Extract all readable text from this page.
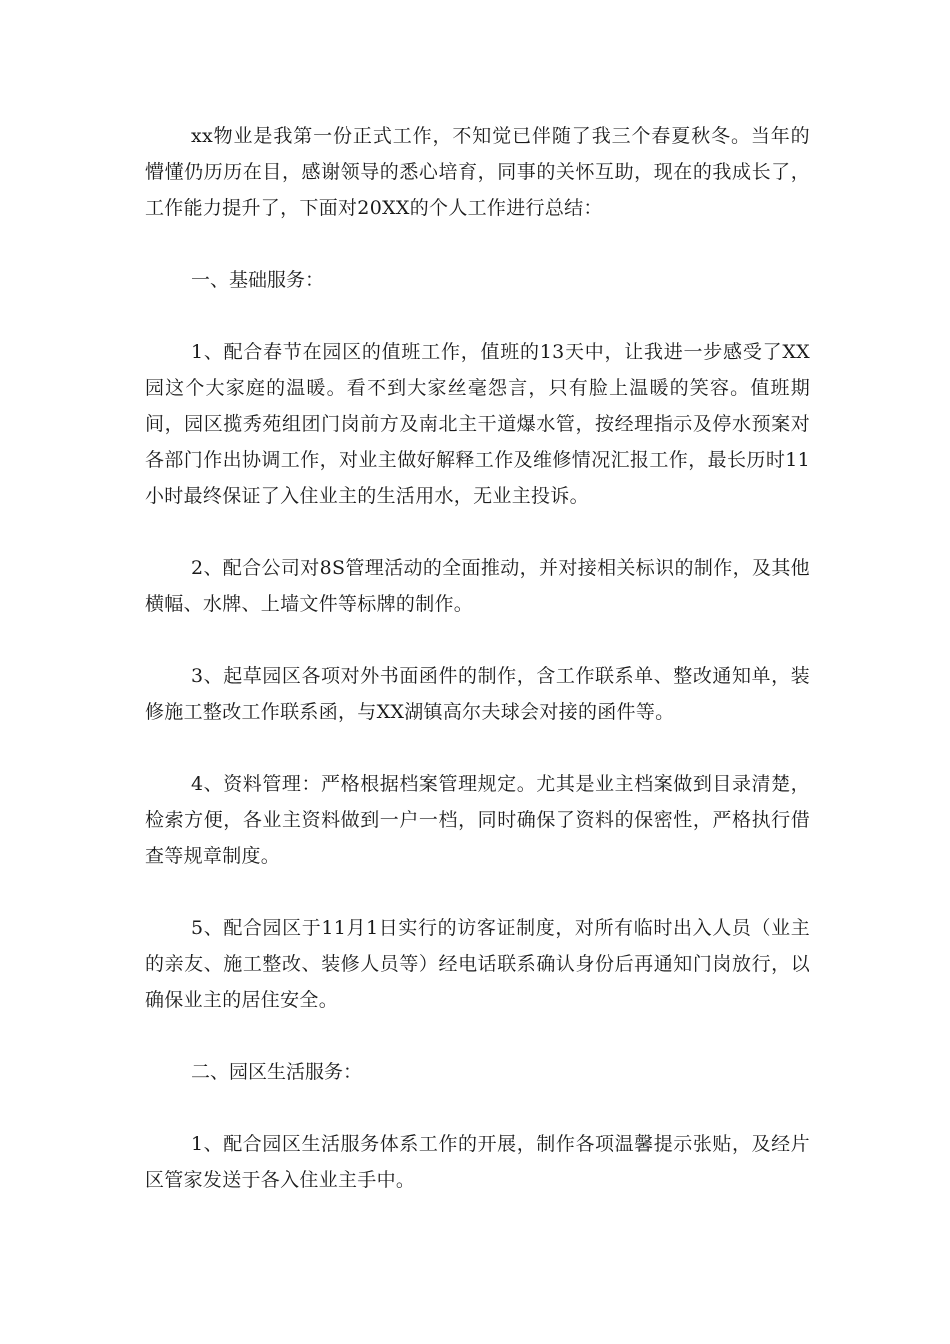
xx物业是我第一份正式工作，不知觉已伴随了我三个春夏秋冬。当年的懵懂仍历历在目，感谢领导的悉心培育，同事的关怀互助，现在的我成长了，工作能力提升了，下面对20XX的个人工作进行总结：

一、基础服务：

1、配合春节在园区的值班工作，值班的13天中，让我进一步感受了XX园这个大家庭的温暖。看不到大家丝毫怨言，只有脸上温暖的笑容。值班期间，园区揽秀苑组团门岗前方及南北主干道爆水管，按经理指示及停水预案对各部门作出协调工作，对业主做好解释工作及维修情况汇报工作，最长历时11小时最终保证了入住业主的生活用水，无业主投诉。

2、配合公司对8S管理活动的全面推动，并对接相关标识的制作，及其他横幅、水牌、上墙文件等标牌的制作。

3、起草园区各项对外书面函件的制作，含工作联系单、整改通知单，装修施工整改工作联系函，与XX湖镇高尔夫球会对接的函件等。

4、资料管理：严格根据档案管理规定。尤其是业主档案做到目录清楚，检索方便，各业主资料做到一户一档，同时确保了资料的保密性，严格执行借查等规章制度。

5、配合园区于11月1日实行的访客证制度，对所有临时出入人员（业主的亲友、施工整改、装修人员等）经电话联系确认身份后再通知门岗放行，以确保业主的居住安全。

二、园区生活服务：

1、配合园区生活服务体系工作的开展，制作各项温馨提示张贴，及经片区管家发送于各入住业主手中。
